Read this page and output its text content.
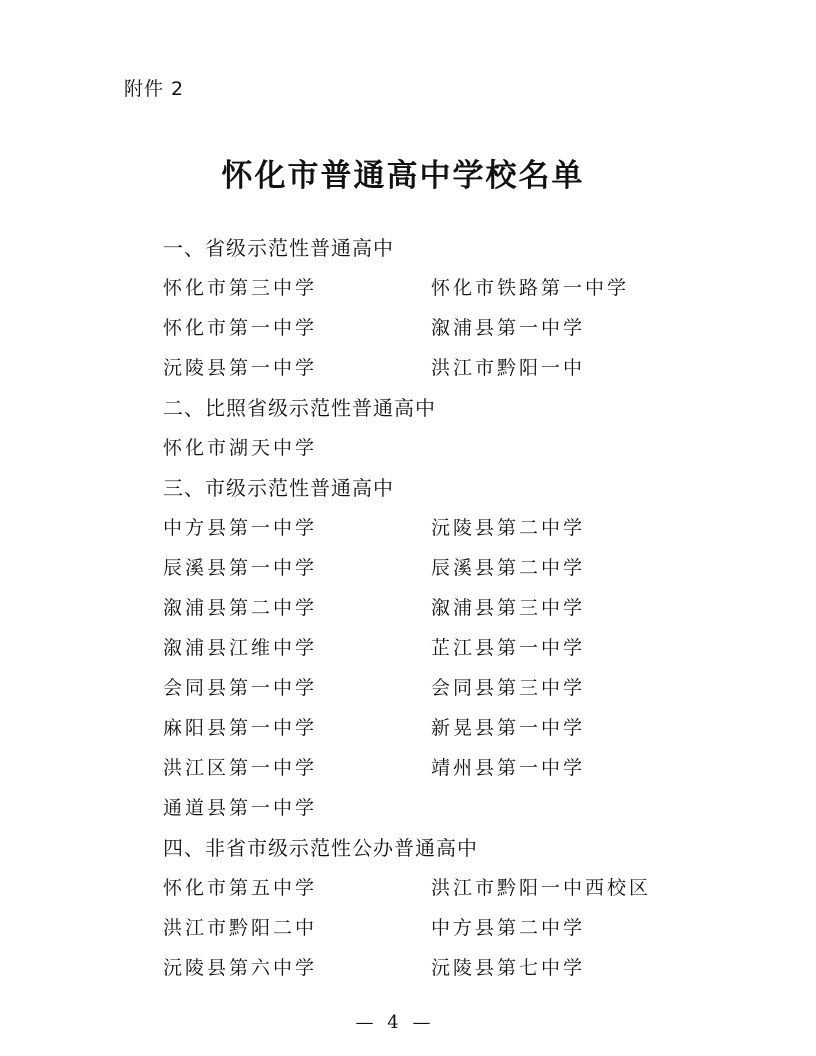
附件 2
怀化市普通高中学校名单
一、省级示范性普通高中
怀化市第三中学	怀化市铁路第一中学
怀化市第一中学	溆浦县第一中学
沅陵县第一中学	洪江市黔阳一中
二、比照省级示范性普通高中
怀化市湖天中学
三、市级示范性普通高中
中方县第一中学	沅陵县第二中学
辰溪县第一中学	辰溪县第二中学
溆浦县第二中学	溆浦县第三中学
溆浦县江维中学	芷江县第一中学
会同县第一中学	会同县第三中学
麻阳县第一中学	新晃县第一中学
洪江区第一中学	靖州县第一中学
通道县第一中学
四、非省市级示范性公办普通高中
怀化市第五中学	洪江市黔阳一中西校区
洪江市黔阳二中	中方县第二中学
沅陵县第六中学	沅陵县第七中学
— 4 —
